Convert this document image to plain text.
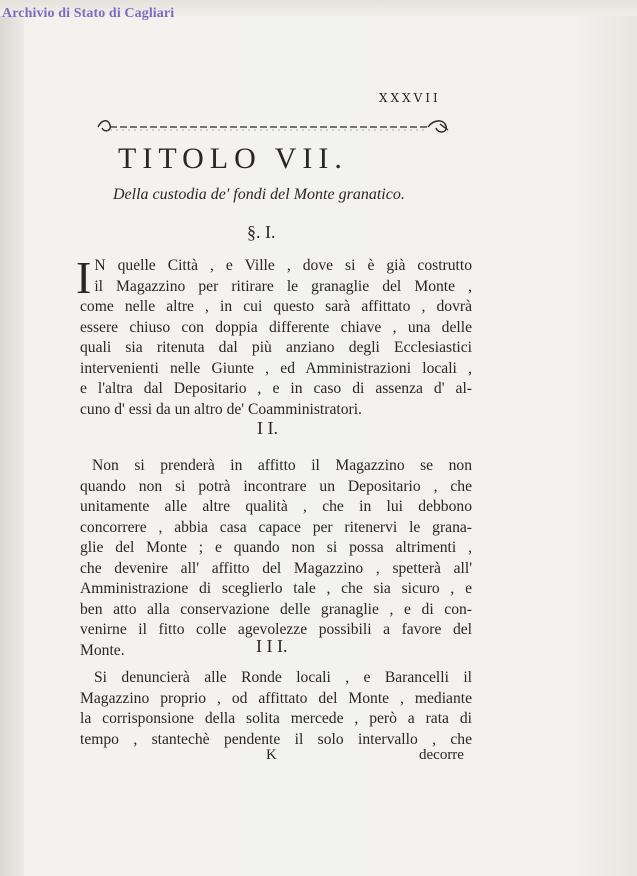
Archivio di Stato di Cagliari
XXXVII
TITOLO VII.
Della custodia de' fondi del Monte granatico.
§. I.
I N quelle Città , e Ville , dove si è già costrutto
il Magazzino per ritirare le granaglie del Monte ,
come nelle altre , in cui questo sarà affittato , dovrà
essere chiuso con doppia differente chiave , una delle
quali sia ritenuta dal più anziano degli Ecclesiastici
intervenienti nelle Giunte , ed Amministrazioni locali ,
e l'altra dal Depositario , e in caso di assenza d' al-
cuno d' essi da un altro de' Coamministratori.
I I.
Non si prenderà in affitto il Magazzino se non
quando non si potrà incontrare un Depositario , che
unitamente alle altre qualità , che in lui debbono
concorrere , abbia casa capace per ritenervi le grana-
glie del Monte ; e quando non si possa altrimenti ,
che devenire all' affitto del Magazzino , spetterà all'
Amministrazione di sceglierlo tale , che sia sicuro , e
ben atto alla conservazione delle granaglie , e di con-
venirne il fitto colle agevolezze possibili a favore del
Monte.	I I I.
Si denuncierà alle Ronde locali , e Barancelli il
Magazzino proprio , od affittato del Monte , mediante
la corrisponsione della solita mercede , però a rata di
tempo , stantechè pendente il solo intervallo , che
K	decorre
